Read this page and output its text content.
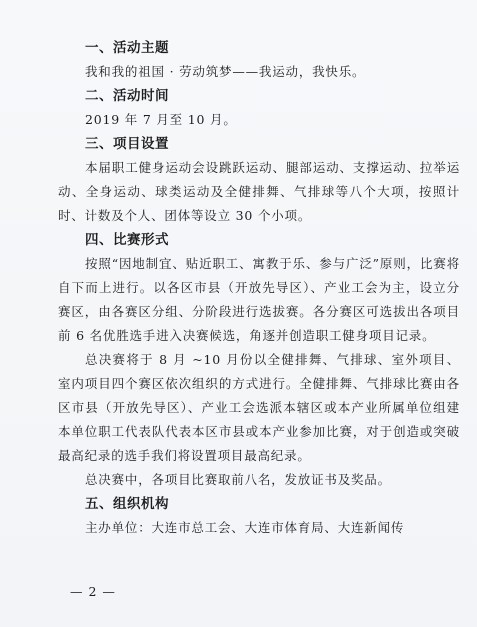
一、活动主题
我和我的祖国 · 劳动筑梦——我运动，我快乐。
二、活动时间
2019 年 7 月至 10 月。
三、项目设置
本届职工健身运动会设跳跃运动、腿部运动、支撑运动、拉举运动、全身运动、球类运动及全健排舞、气排球等八个大项，按照计时、计数及个人、团体等设立 30 个小项。
四、比赛形式
按照“因地制宜、贴近职工、寓教于乐、参与广泛”原则，比赛将自下而上进行。以各区市县（开放先导区）、产业工会为主，设立分赛区，由各赛区分组、分阶段进行选拔赛。各分赛区可选拔出各项目前 6 名优胜选手进入决赛候选，角逐并创造职工健身项目记录。
总决赛将于 8 月 ~10 月份以全健排舞、气排球、室外项目、室内项目四个赛区依次组织的方式进行。全健排舞、气排球比赛由各区市县（开放先导区）、产业工会选派本辖区或本产业所属单位组建本单位职工代表队代表本区市县或本产业参加比赛，对于创造或突破最高纪录的选手我们将设置项目最高纪录。
总决赛中，各项目比赛取前八名，发放证书及奖品。
五、组织机构
主办单位：大连市总工会、大连市体育局、大连新闻传
— 2 —
